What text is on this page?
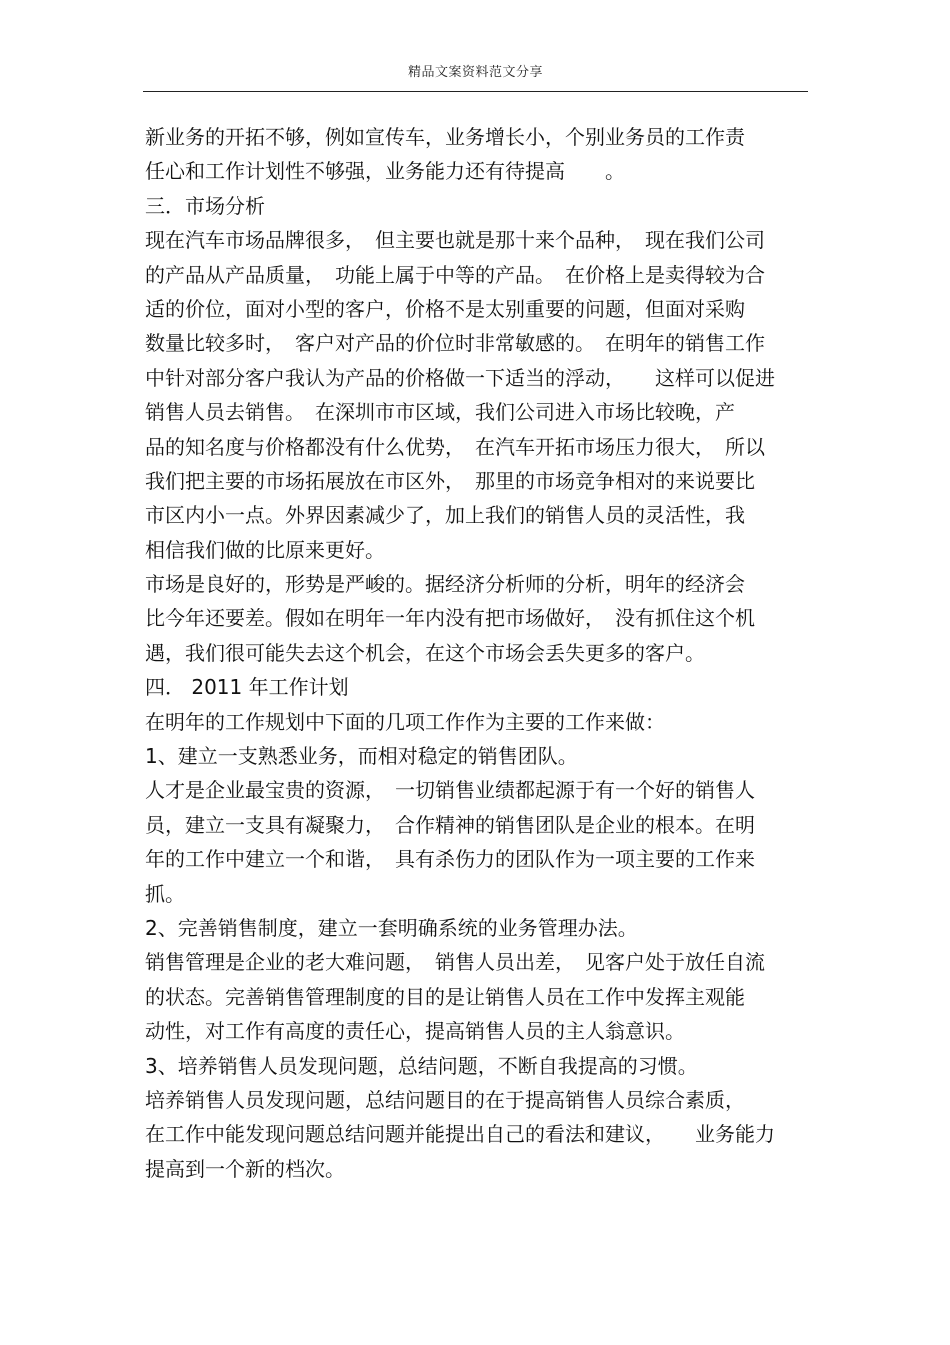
精品文案资料范文分享
新业务的开拓不够，例如宣传车，业务增长小，个别业务员的工作责
任心和工作计划性不够强，业务能力还有待提高　　。
三．市场分析
现在汽车市场品牌很多，　但主要也就是那十来个品种，　现在我们公司
的产品从产品质量，　功能上属于中等的产品。　在价格上是卖得较为合
适的价位，面对小型的客户，价格不是太别重要的问题，但面对采购
数量比较多时，　客户对产品的价位时非常敏感的。　在明年的销售工作
中针对部分客户我认为产品的价格做一下适当的浮动，　　这样可以促进
销售人员去销售。　在深圳市市区域，我们公司进入市场比较晚，产
品的知名度与价格都没有什么优势，　在汽车开拓市场压力很大，　所以
我们把主要的市场拓展放在市区外，　那里的市场竞争相对的来说要比
市区内小一点。外界因素减少了，加上我们的销售人员的灵活性，我
相信我们做的比原来更好。
市场是良好的，形势是严峻的。据经济分析师的分析，明年的经济会
比今年还要差。假如在明年一年内没有把市场做好，　没有抓住这个机
遇，我们很可能失去这个机会，在这个市场会丢失更多的客户。
四． 2011 年工作计划
在明年的工作规划中下面的几项工作作为主要的工作来做：
1、建立一支熟悉业务，而相对稳定的销售团队。
人才是企业最宝贵的资源，　一切销售业绩都起源于有一个好的销售人
员，建立一支具有凝聚力，　合作精神的销售团队是企业的根本。在明
年的工作中建立一个和谐，　具有杀伤力的团队作为一项主要的工作来
抓。
2、完善销售制度，建立一套明确系统的业务管理办法。
销售管理是企业的老大难问题，　销售人员出差，　见客户处于放任自流
的状态。完善销售管理制度的目的是让销售人员在工作中发挥主观能
动性，对工作有高度的责任心，提高销售人员的主人翁意识。
3、培养销售人员发现问题，总结问题，不断自我提高的习惯。
培养销售人员发现问题，总结问题目的在于提高销售人员综合素质，
在工作中能发现问题总结问题并能提出自己的看法和建议，　　业务能力
提高到一个新的档次。
